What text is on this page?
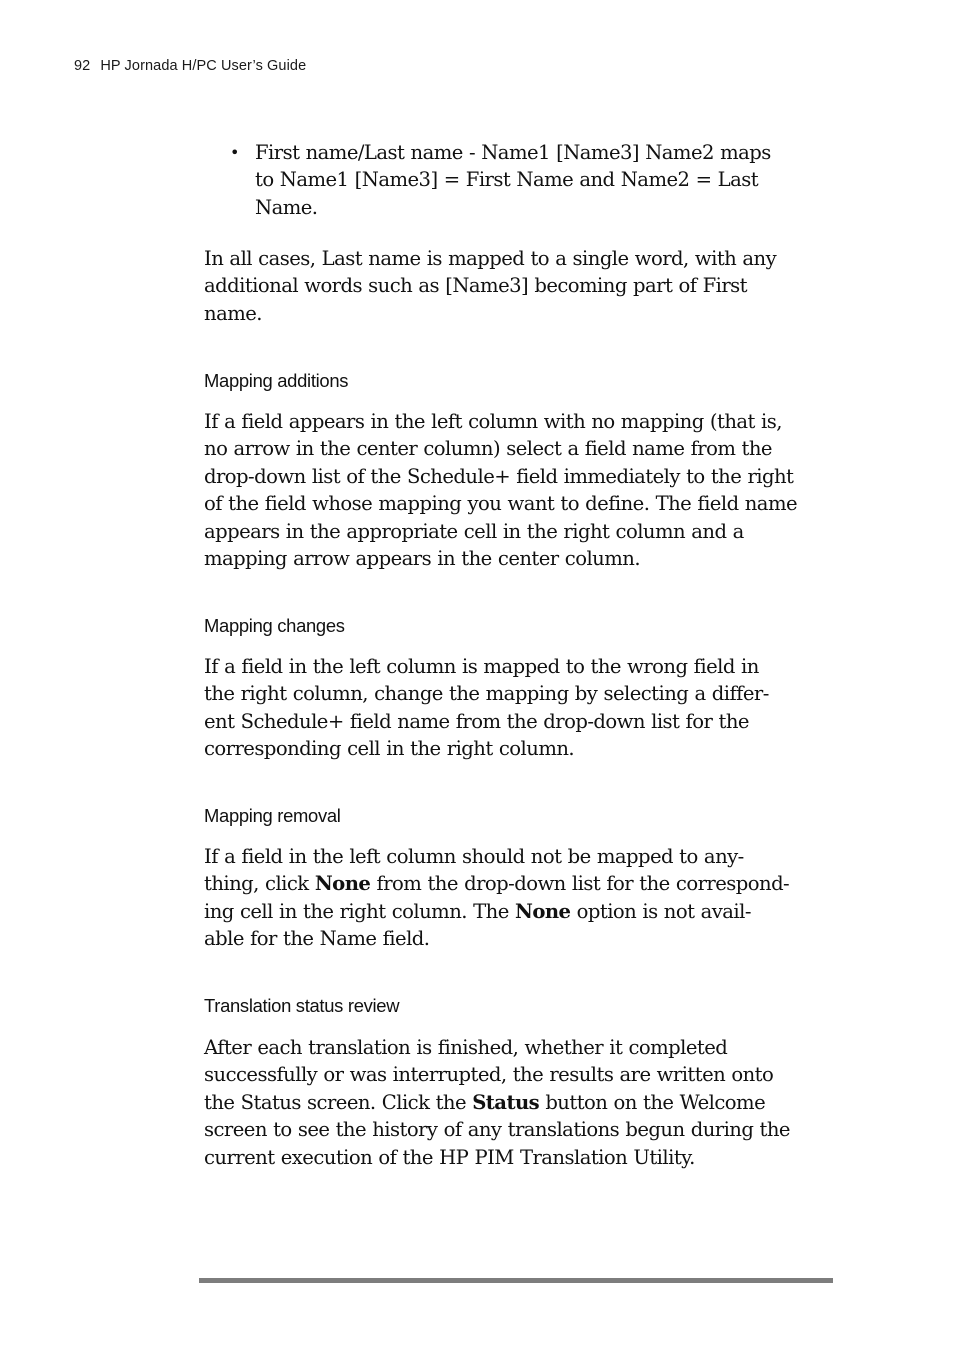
92 HP Jornada H/PC User’s Guide
• First name/Last name - Name1 [Name3] Name2 maps
to Name1 [Name3] = First Name and Name2 = Last
Name.

In all cases, Last name is mapped to a single word, with any
additional words such as [Name3] becoming part of First
name.

Mapping additions

If a field appears in the left column with no mapping (that is,
no arrow in the center column) select a field name from the
drop-down list of the Schedule+ field immediately to the right
of the field whose mapping you want to define. The field name
appears in the appropriate cell in the right column and a
mapping arrow appears in the center column.

Mapping changes

If a field in the left column is mapped to the wrong field in
the right column, change the mapping by selecting a differ-
ent Schedule+ field name from the drop-down list for the
corresponding cell in the right column.

Mapping removal

If a field in the left column should not be mapped to any-
thing, click None from the drop-down list for the correspond-
ing cell in the right column. The None option is not avail-
able for the Name field.

Translation status review

After each translation is finished, whether it completed
successfully or was interrupted, the results are written onto
the Status screen. Click the Status button on the Welcome
screen to see the history of any translations begun during the
current execution of the HP PIM Translation Utility.
